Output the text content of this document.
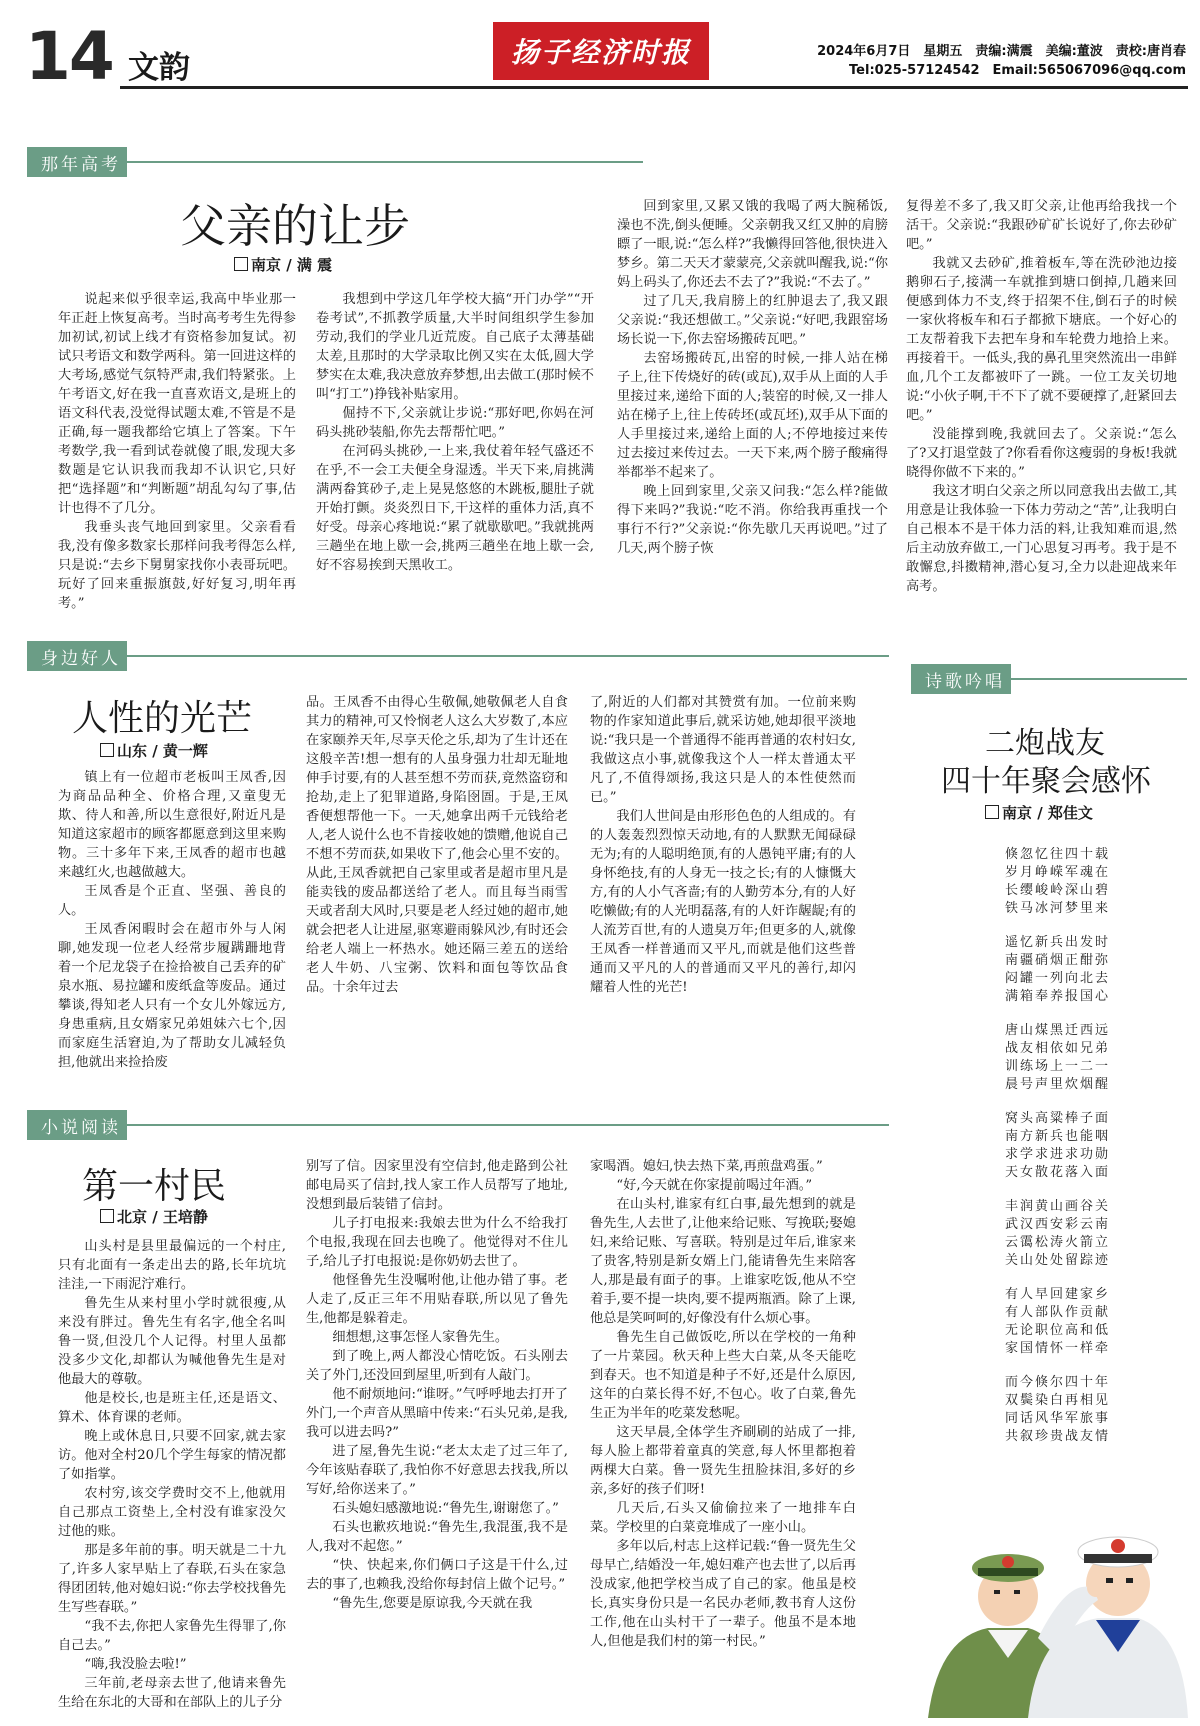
14 文韵	扬子经济时报	2024年6月7日　星期五　责编:满震　美编:董波　责校:唐肖春
Tel:025-57124542　Email:565067096@qq.com
那年高考
父亲的让步
南京 / 满 震

说起来似乎很幸运,我高中毕业那一年正赶上恢复高考。当时高考考生先得参加初试,初试上线才有资格参加复试。初试只考语文和数学两科。第一回进这样的大考场,感觉气氛特严肃,我们特紧张。上午考语文,好在我一直喜欢语文,是班上的语文科代表,没觉得试题太难,不管是不是正确,每一题我都给它填上了答案。下午考数学,我一看到试卷就傻了眼,发现大多数题是它认识我而我却不认识它,只好把“选择题”和“判断题”胡乱勾勾了事,估计也得不了几分。

我垂头丧气地回到家里。父亲看看我,没有像多数家长那样问我考得怎么样,只是说:“去乡下舅舅家找你小表哥玩吧。玩好了回来重振旗鼓,好好复习,明年再考。”

我想到中学这几年学校大搞“开门办学”“开卷考试”,不抓教学质量,大半时间组织学生参加劳动,我们的学业几近荒废。自己底子太薄基础太差,且那时的大学录取比例又实在太低,圆大学梦实在太难,我决意放弃梦想,出去做工(那时候不叫“打工”)挣钱补贴家用。

倔持不下,父亲就让步说:“那好吧,你妈在河码头挑砂装船,你先去帮帮忙吧。”

在河码头挑砂,一上来,我仗着年轻气盛还不在乎,不一会工夫便全身湿透。半天下来,肩挑满满两畚箕砂子,走上晃晃悠悠的木跳板,腿肚子就开始打颤。炎炎烈日下,干这样的重体力活,真不好受。母亲心疼地说:“累了就歇歇吧。”我就挑两三趟坐在地上歇一会,挑两三趟坐在地上歇一会,好不容易挨到天黑收工。

回到家里,又累又饿的我喝了两大腕稀饭,澡也不洗,倒头便睡。父亲朝我又红又肿的肩膀瞟了一眼,说:“怎么样?”我懒得回答他,很快进入梦乡。第二天天才蒙蒙亮,父亲就叫醒我,说:“你妈上码头了,你还去不去了?”我说:“不去了。”

过了几天,我肩膀上的红肿退去了,我又跟父亲说:“我还想做工。”父亲说:“好吧,我跟窑场场长说一下,你去窑场搬砖瓦吧。”

去窑场搬砖瓦,出窑的时候,一排人站在梯子上,往下传烧好的砖(或瓦),双手从上面的人手里接过来,递给下面的人;装窑的时候,又一排人站在梯子上,往上传砖坯(或瓦坯),双手从下面的人手里接过来,递给上面的人;不停地接过来传过去接过来传过去。一天下来,两个膀子酸痛得举都举不起来了。

晚上回到家里,父亲又问我:“怎么样?能做得下来吗?”我说:“吃不消。你给我再重找一个事行不行?”父亲说:“你先歇几天再说吧。”过了几天,两个膀子恢

复得差不多了,我又盯父亲,让他再给我找一个活干。父亲说:“我跟砂矿矿长说好了,你去砂矿吧。”

我就又去砂矿,推着板车,等在洗砂池边接鹅卵石子,接满一车就推到塘口倒掉,几趟来回便感到体力不支,终于招架不住,倒石子的时候一家伙将板车和石子都掀下塘底。一个好心的工友帮着我下去把车身和车轮费力地拾上来。再接着干。一低头,我的鼻孔里突然流出一串鲜血,几个工友都被吓了一跳。一位工友关切地说:“小伙子啊,干不下了就不要硬撑了,赶紧回去吧。”

没能撑到晚,我就回去了。父亲说:“怎么了?又打退堂鼓了?你看看你这瘦弱的身板!我就晓得你做不下来的。”

我这才明白父亲之所以同意我出去做工,其用意是让我体验一下体力劳动之“苦”,让我明白自己根本不是干体力活的料,让我知难而退,然后主动放弃做工,一门心思复习再考。我于是不敢懈怠,抖擞精神,潜心复习,全力以赴迎战来年高考。

身边好人
人性的光芒
山东 / 黄一辉

镇上有一位超市老板叫王凤香,因为商品品种全、价格合理,又童叟无欺、待人和善,所以生意很好,附近凡是知道这家超市的顾客都愿意到这里来购物。三十多年下来,王凤香的超市也越来越红火,也越做越大。

王凤香是个正直、坚强、善良的人。

王凤香闲暇时会在超市外与人闲聊,她发现一位老人经常步履蹒跚地背着一个尼龙袋子在捡拾被自己丢弃的矿泉水瓶、易拉罐和废纸盒等废品。通过攀谈,得知老人只有一个女儿外嫁远方,身患重病,且女婿家兄弟姐妹六七个,因而家庭生活窘迫,为了帮助女儿减轻负担,他就出来捡拾废

品。王凤香不由得心生敬佩,她敬佩老人自食其力的精神,可又怜悯老人这么大岁数了,本应在家颐养天年,尽享天伦之乐,却为了生计还在这般辛苦!想一想有的人虽身强力壮却无耻地伸手讨要,有的人甚至想不劳而获,竟然盗窃和抢劫,走上了犯罪道路,身陷囹圄。于是,王凤香便想帮他一下。一天,她拿出两千元钱给老人,老人说什么也不肯接收她的馈赠,他说自己不想不劳而获,如果收下了,他会心里不安的。从此,王凤香就把自己家里或者是超市里凡是能卖钱的废品都送给了老人。而且每当雨雪天或者刮大风时,只要是老人经过她的超市,她就会把老人让进屋,驱寒避雨躲风沙,有时还会给老人端上一杯热水。她还隔三差五的送给老人牛奶、八宝粥、饮料和面包等饮品食品。十余年过去

了,附近的人们都对其赞赏有加。一位前来购物的作家知道此事后,就采访她,她却很平淡地说:“我只是一个普通得不能再普通的农村妇女,我做这点小事,就像我这个人一样太普通太平凡了,不值得颂扬,我这只是人的本性使然而已。”

我们人世间是由形形色色的人组成的。有的人轰轰烈烈惊天动地,有的人默默无闻碌碌无为;有的人聪明绝顶,有的人愚钝平庸;有的人身怀绝技,有的人身无一技之长;有的人慷慨大方,有的人小气吝啬;有的人勤劳本分,有的人好吃懒做;有的人光明磊落,有的人奸诈龌龊;有的人流芳百世,有的人遗臭万年;但更多的人,就像王凤香一样普通而又平凡,而就是他们这些普通而又平凡的人的普通而又平凡的善行,却闪耀着人性的光芒!

诗歌吟唱
二炮战友
四十年聚会感怀
南京 / 郑佳文
倏忽忆往四十载
岁月峥嵘军魂在
长缨峻岭深山碧
铁马冰河梦里来
遥忆新兵出发时
南疆硝烟正酣弥
闷罐一列向北去
满箱奉养报国心
唐山煤黑迁西远
战友相依如兄弟
训练场上一二一
晨号声里炊烟醒
窝头高粱棒子面
南方新兵也能咽
求学求进求功勋
天女散花落入面
丰润黄山画谷关
武汉西安彩云南
云霭松涛火箭立
关山处处留踪迹
有人早回建家乡
有人部队作贡献
无论职位高和低
家国情怀一样牵
而今倏尔四十年
双鬓染白再相见
同话风华军旅事
共叙珍贵战友情
小说阅读
第一村民
北京 / 王培静

山头村是县里最偏远的一个村庄,只有北面有一条走出去的路,长年坑坑洼洼,一下雨泥泞难行。

鲁先生从来村里小学时就很瘦,从来没有胖过。鲁先生有名字,他全名叫鲁一贤,但没几个人记得。村里人虽都没多少文化,却都认为喊他鲁先生是对他最大的尊敬。

他是校长,也是班主任,还是语文、算术、体育课的老师。

晚上或休息日,只要不回家,就去家访。他对全村20几个学生每家的情况都了如指掌。

农村穷,该交学费时交不上,他就用自己那点工资垫上,全村没有谁家没欠过他的账。

那是多年前的事。明天就是二十九了,许多人家早贴上了春联,石头在家急得团团转,他对媳妇说:“你去学校找鲁先生写些春联。”

“我不去,你把人家鲁先生得罪了,你自己去。”

“嗨,我没脸去啦!”

三年前,老母亲去世了,他请来鲁先生给在东北的大哥和在部队上的儿子分

别写了信。因家里没有空信封,他走路到公社邮电局买了信封,找人家工作人员帮写了地址,没想到最后装错了信封。

儿子打电报来:我娘去世为什么不给我打个电报,我现在回去也晚了。他觉得对不住儿子,给儿子打电报说:是你奶奶去世了。

他怪鲁先生没嘱咐他,让他办错了事。老人走了,反正三年不用贴春联,所以见了鲁先生,他都是躲着走。

细想想,这事怎怪人家鲁先生。

到了晚上,两人都没心情吃饭。石头刚去关了外门,还没回到屋里,听到有人敲门。

他不耐烦地问:“谁呀。”气呼呼地去打开了外门,一个声音从黑暗中传来:“石头兄弟,是我,我可以进去吗?”

进了屋,鲁先生说:“老太太走了过三年了,今年该贴春联了,我怕你不好意思去找我,所以写好,给你送来了。”

石头媳妇感激地说:“鲁先生,谢谢您了。”

石头也歉疚地说:“鲁先生,我混蛋,我不是人,我对不起您。”

“快、快起来,你们俩口子这是干什么,过去的事了,也赖我,没给你每封信上做个记号。”

“鲁先生,您要是原谅我,今天就在我

家喝酒。媳妇,快去热下菜,再煎盘鸡蛋。”

“好,今天就在你家提前喝过年酒。”

在山头村,谁家有红白事,最先想到的就是鲁先生,人去世了,让他来给记账、写挽联;娶媳妇,来给记账、写喜联。特别是过年后,谁家来了贵客,特别是新女婿上门,能请鲁先生来陪客人,那是最有面子的事。上谁家吃饭,他从不空着手,要不提一块肉,要不提两瓶酒。除了上课,他总是笑呵呵的,好像没有什么烦心事。

鲁先生自己做饭吃,所以在学校的一角种了一片菜园。秋天种上些大白菜,从冬天能吃到春天。也不知道是种子不好,还是什么原因,这年的白菜长得不好,不包心。收了白菜,鲁先生正为半年的吃菜发愁呢。

这天早晨,全体学生齐刷刷的站成了一排,每人脸上都带着童真的笑意,每人怀里都抱着两棵大白菜。鲁一贤先生扭脸抹泪,多好的乡亲,多好的孩子们呀!

几天后,石头又偷偷拉来了一地排车白菜。学校里的白菜竟堆成了一座小山。

多年以后,村志上这样记载:“鲁一贤先生父母早亡,结婚没一年,媳妇难产也去世了,以后再没成家,他把学校当成了自己的家。他虽是校长,真实身份只是一名民办老师,教书育人这份工作,他在山头村干了一辈子。他虽不是本地人,但他是我们村的第一村民。”
